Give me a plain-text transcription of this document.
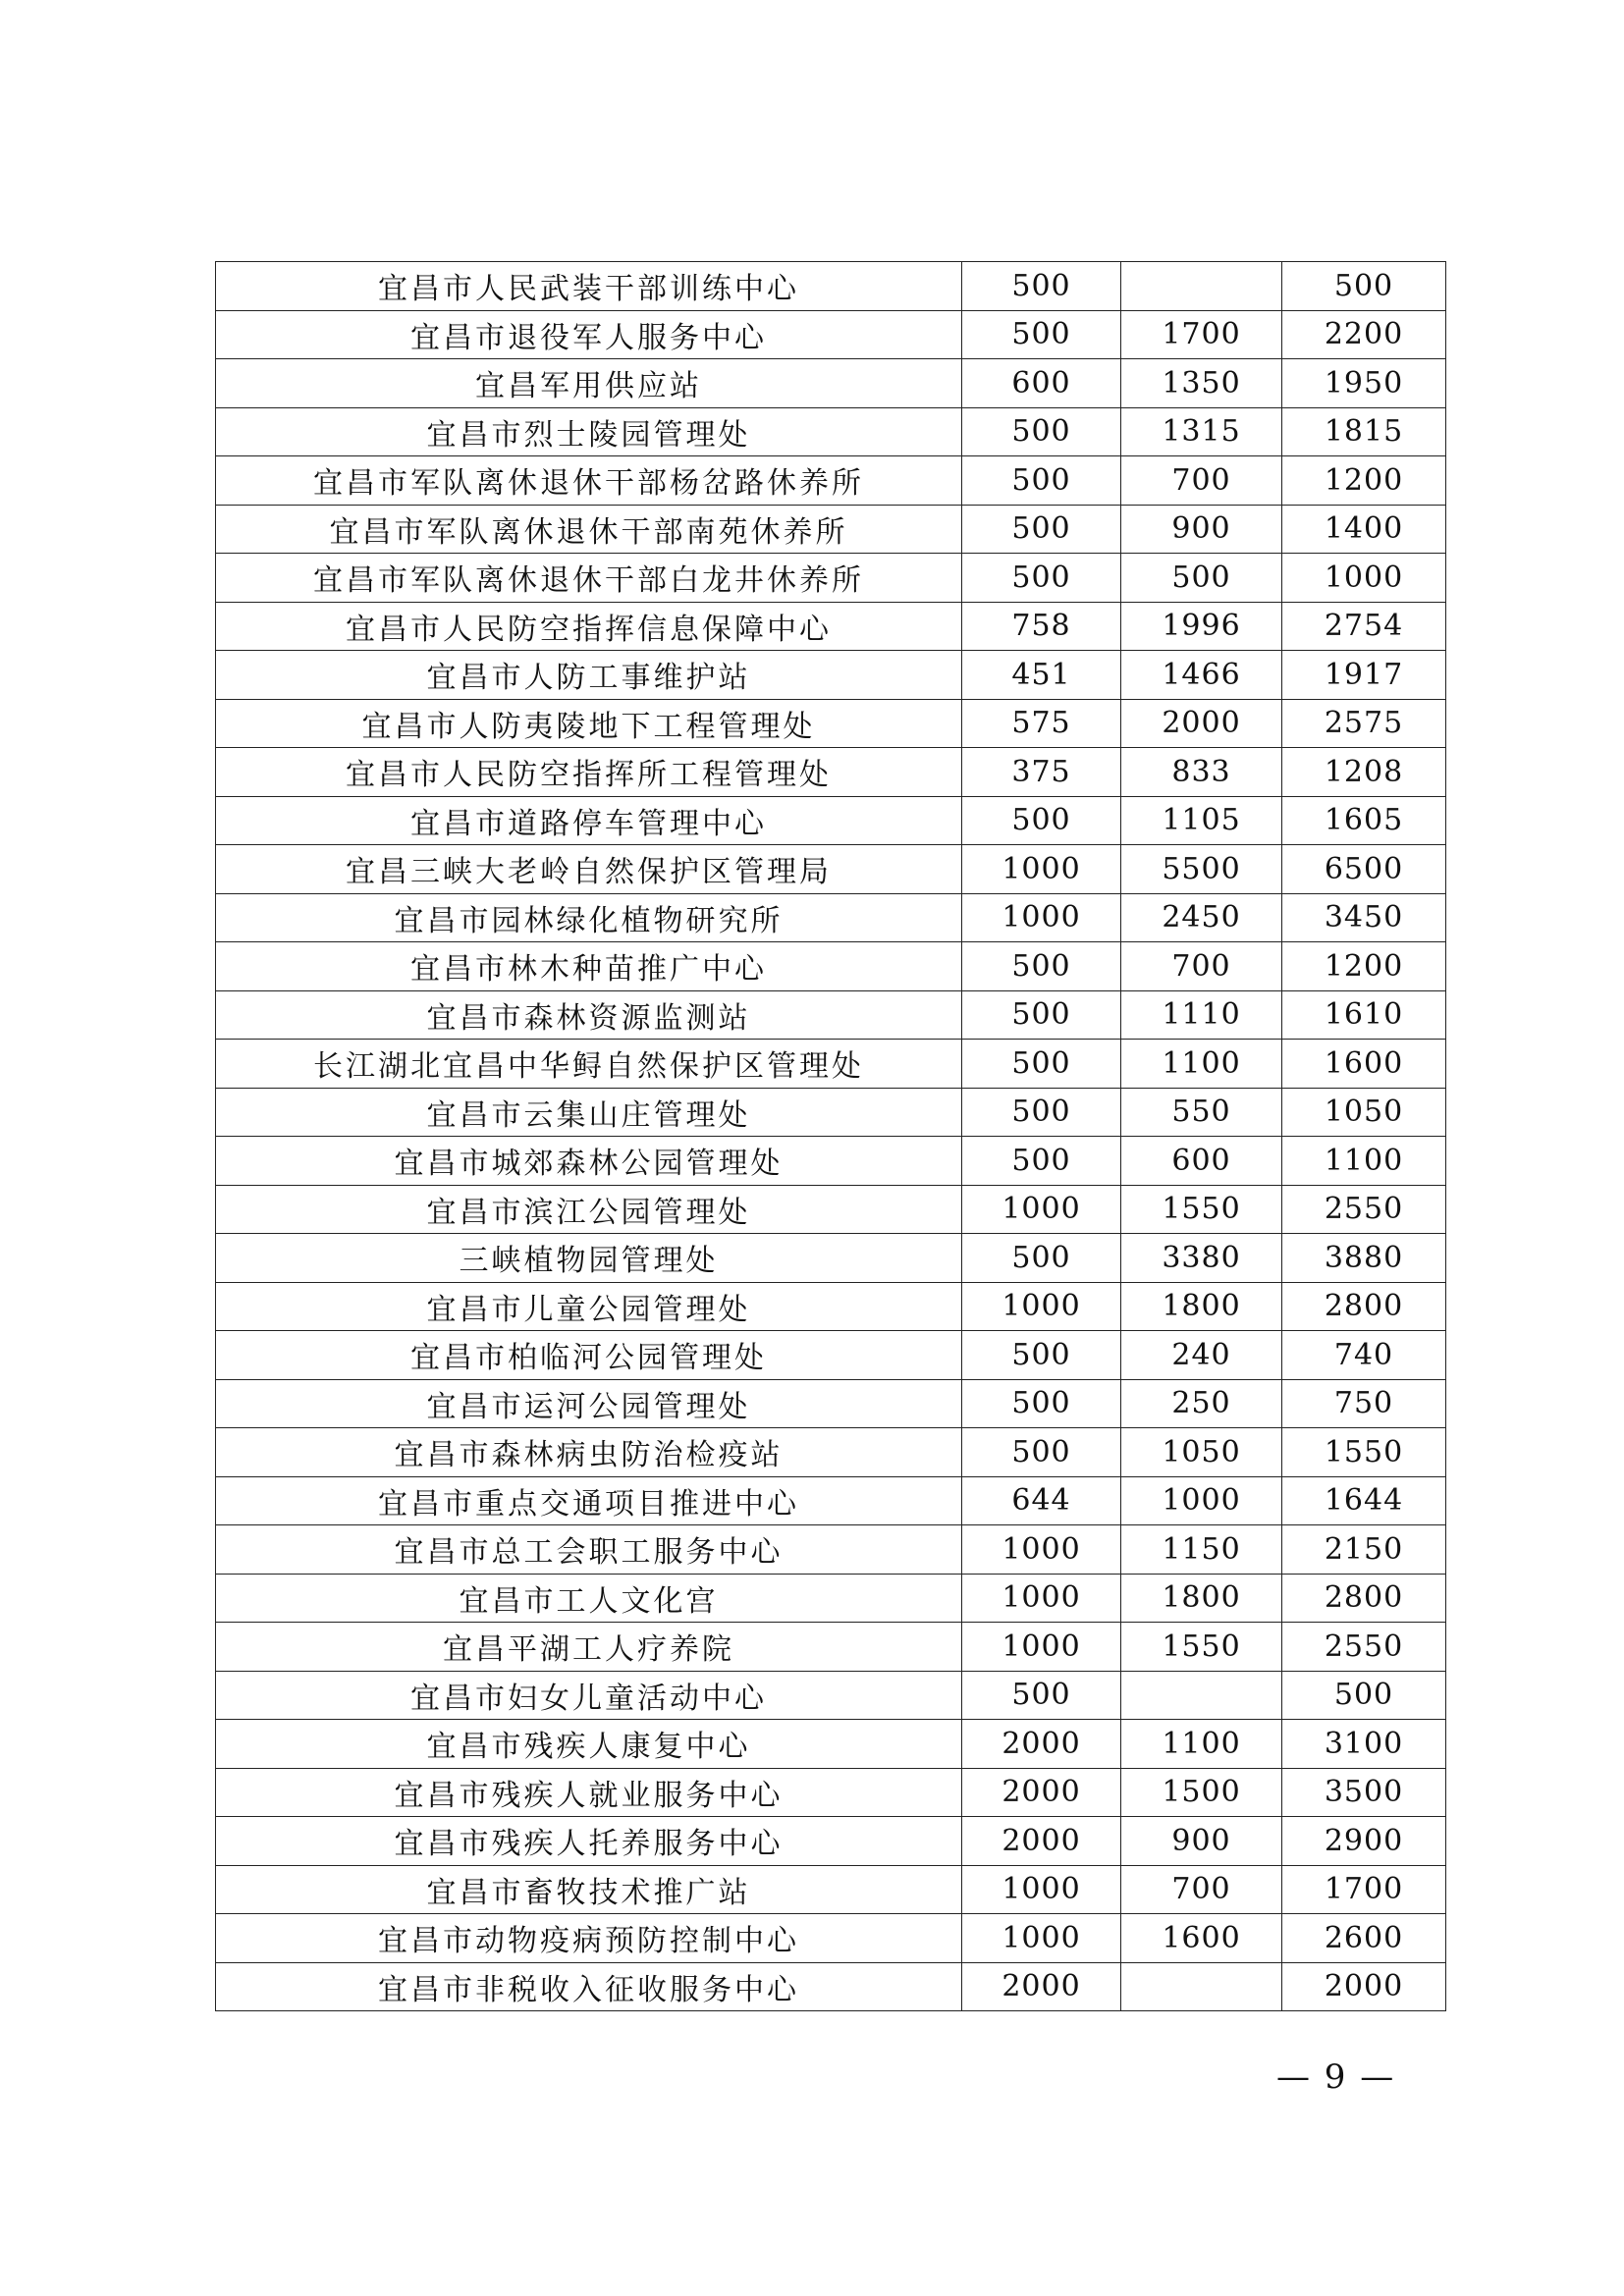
宜昌市人民武装干部训练中心	500		500
宜昌市退役军人服务中心	500	1700	2200
宜昌军用供应站	600	1350	1950
宜昌市烈士陵园管理处	500	1315	1815
宜昌市军队离休退休干部杨岔路休养所	500	700	1200
宜昌市军队离休退休干部南苑休养所	500	900	1400
宜昌市军队离休退休干部白龙井休养所	500	500	1000
宜昌市人民防空指挥信息保障中心	758	1996	2754
宜昌市人防工事维护站	451	1466	1917
宜昌市人防夷陵地下工程管理处	575	2000	2575
宜昌市人民防空指挥所工程管理处	375	833	1208
宜昌市道路停车管理中心	500	1105	1605
宜昌三峡大老岭自然保护区管理局	1000	5500	6500
宜昌市园林绿化植物研究所	1000	2450	3450
宜昌市林木种苗推广中心	500	700	1200
宜昌市森林资源监测站	500	1110	1610
长江湖北宜昌中华鲟自然保护区管理处	500	1100	1600
宜昌市云集山庄管理处	500	550	1050
宜昌市城郊森林公园管理处	500	600	1100
宜昌市滨江公园管理处	1000	1550	2550
三峡植物园管理处	500	3380	3880
宜昌市儿童公园管理处	1000	1800	2800
宜昌市柏临河公园管理处	500	240	740
宜昌市运河公园管理处	500	250	750
宜昌市森林病虫防治检疫站	500	1050	1550
宜昌市重点交通项目推进中心	644	1000	1644
宜昌市总工会职工服务中心	1000	1150	2150
宜昌市工人文化宫	1000	1800	2800
宜昌平湖工人疗养院	1000	1550	2550
宜昌市妇女儿童活动中心	500		500
宜昌市残疾人康复中心	2000	1100	3100
宜昌市残疾人就业服务中心	2000	1500	3500
宜昌市残疾人托养服务中心	2000	900	2900
宜昌市畜牧技术推广站	1000	700	1700
宜昌市动物疫病预防控制中心	1000	1600	2600
宜昌市非税收入征收服务中心	2000		2000
— 9 —
